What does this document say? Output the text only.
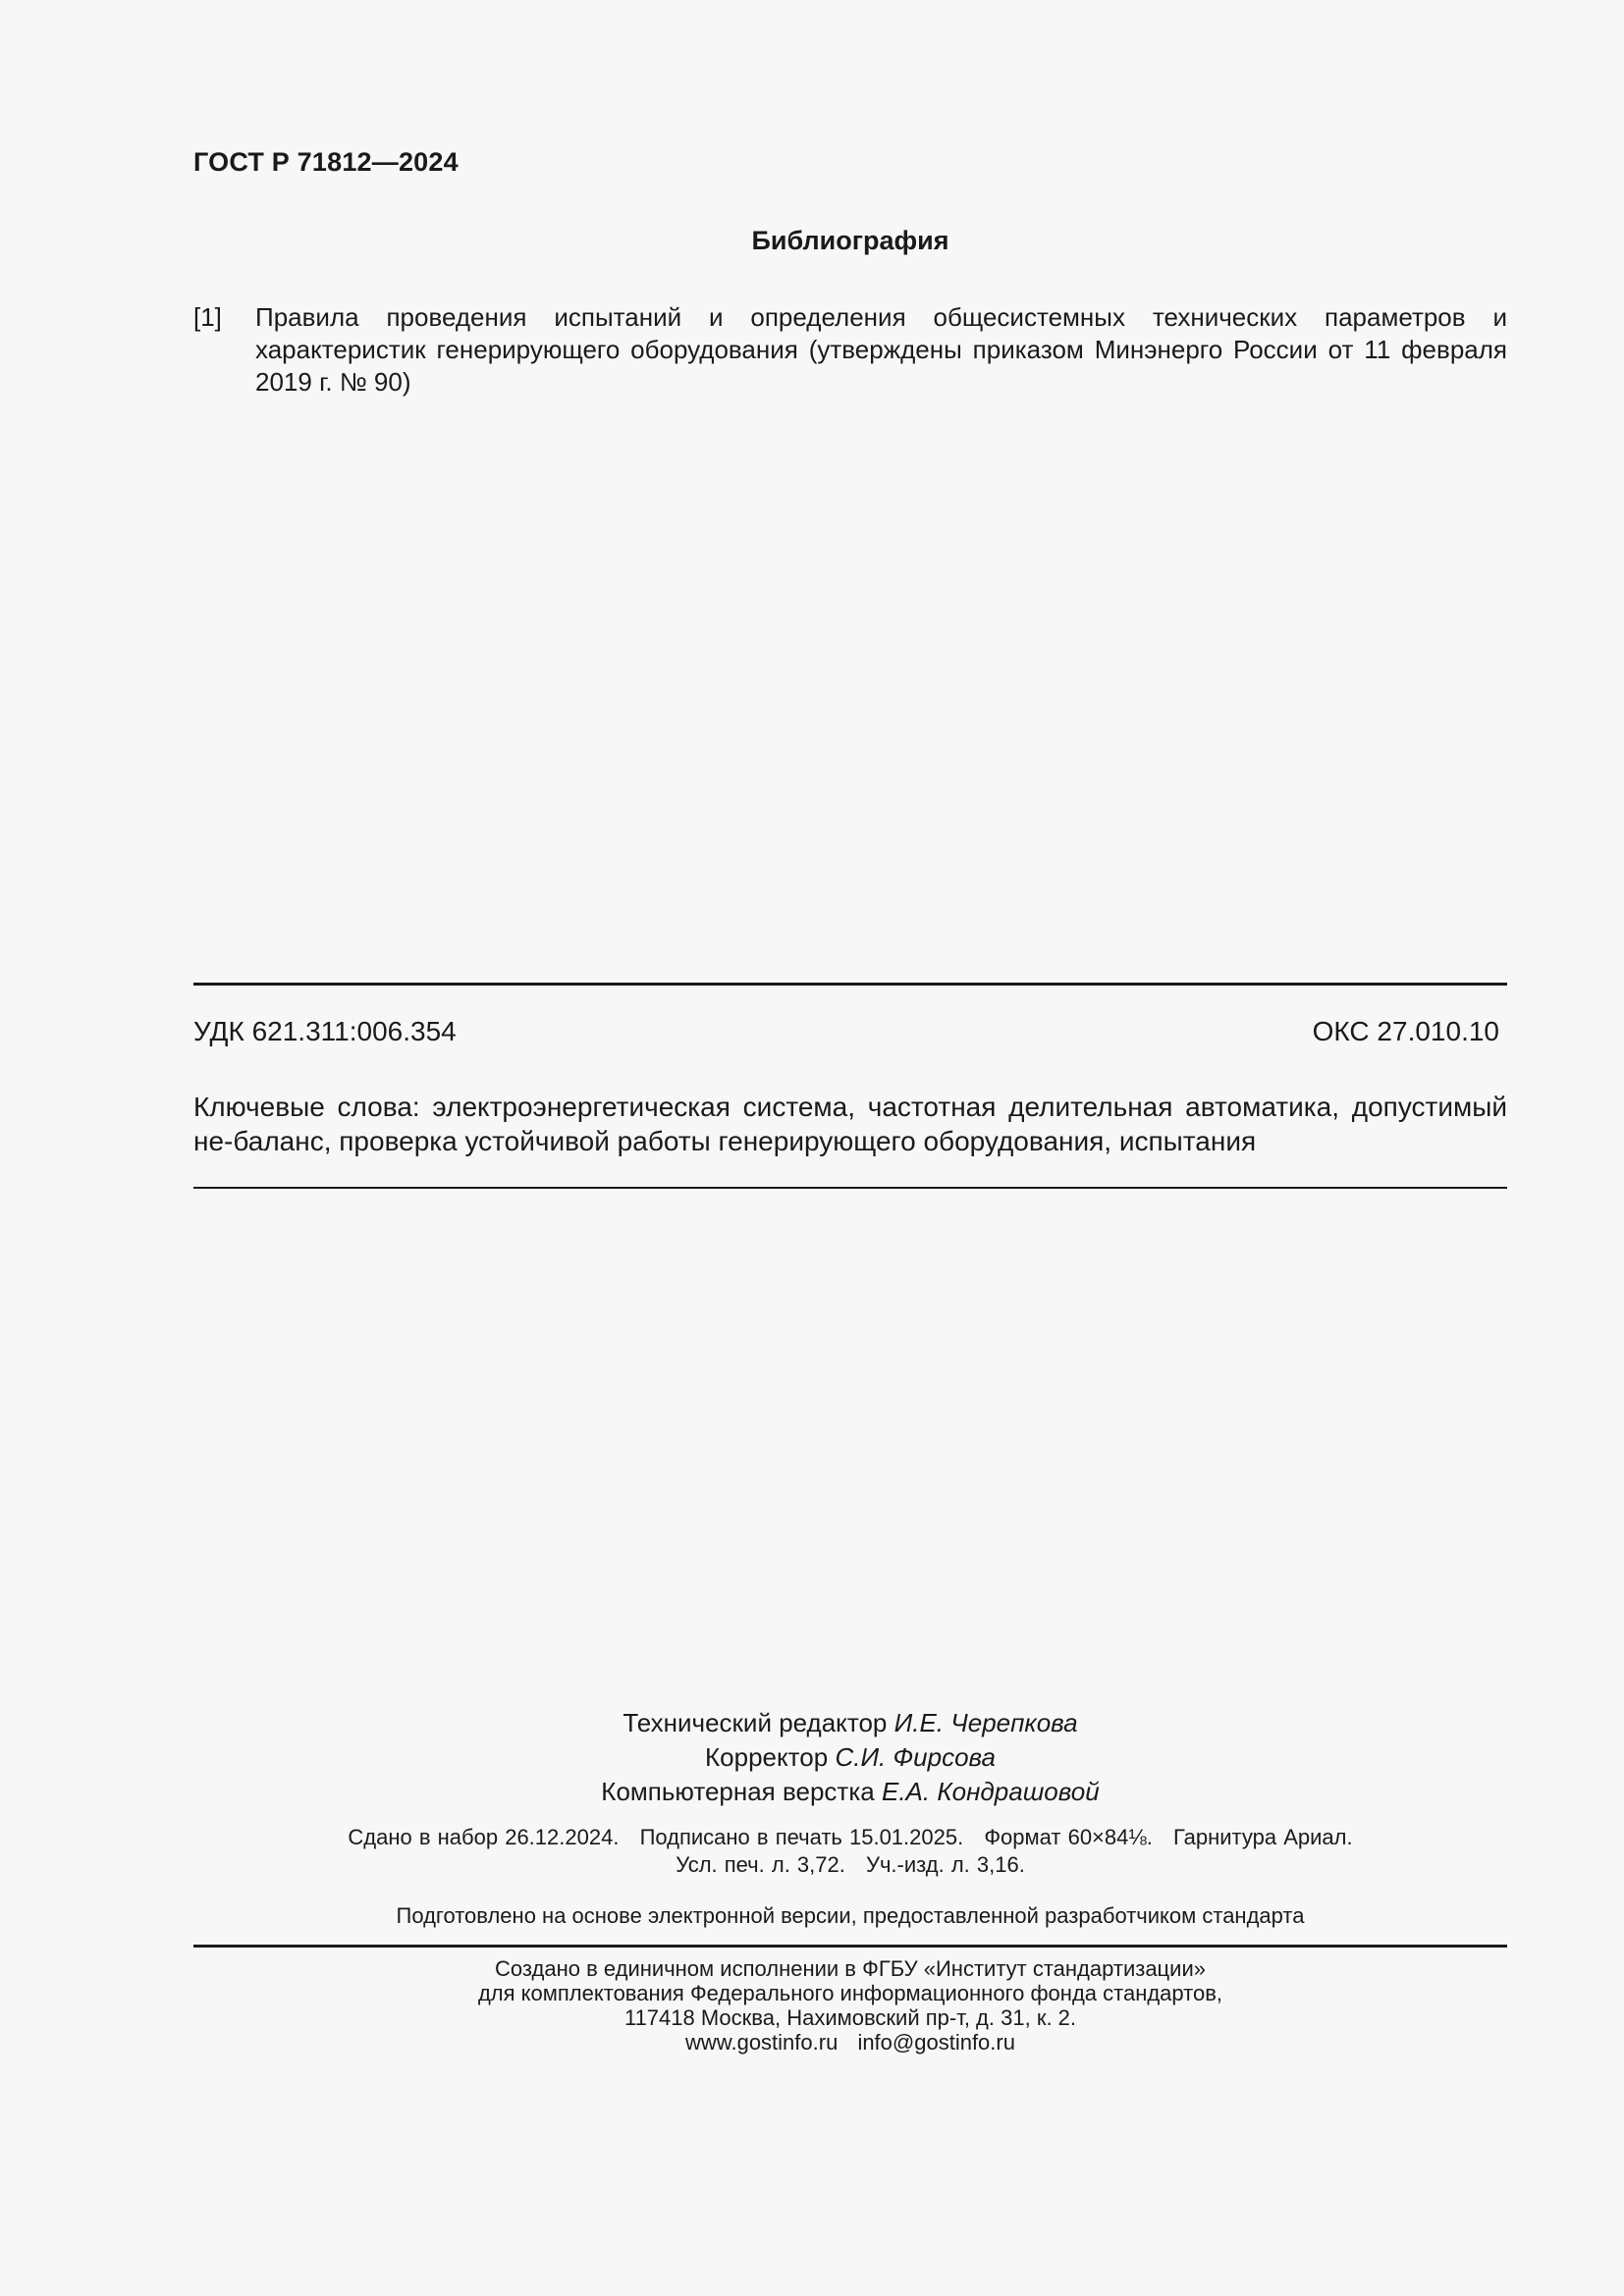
ГОСТ Р 71812—2024
Библиография
[1] Правила проведения испытаний и определения общесистемных технических параметров и характеристик генерирующего оборудования (утверждены приказом Минэнерго России от 11 февраля 2019 г. № 90)
УДК 621.311:006.354	ОКС 27.010.10
Ключевые слова: электроэнергетическая система, частотная делительная автоматика, допустимый не-баланс, проверка устойчивой работы генерирующего оборудования, испытания
Технический редактор И.Е. Черепкова
Корректор С.И. Фирсова
Компьютерная верстка Е.А. Кондрашовой
Сдано в набор 26.12.2024. Подписано в печать 15.01.2025. Формат 60×84⅛. Гарнитура Ариал.
Усл. печ. л. 3,72. Уч.-изд. л. 3,16.
Подготовлено на основе электронной версии, предоставленной разработчиком стандарта
Создано в единичном исполнении в ФГБУ «Институт стандартизации»
для комплектования Федерального информационного фонда стандартов,
117418 Москва, Нахимовский пр-т, д. 31, к. 2.
www.gostinfo.ru info@gostinfo.ru
